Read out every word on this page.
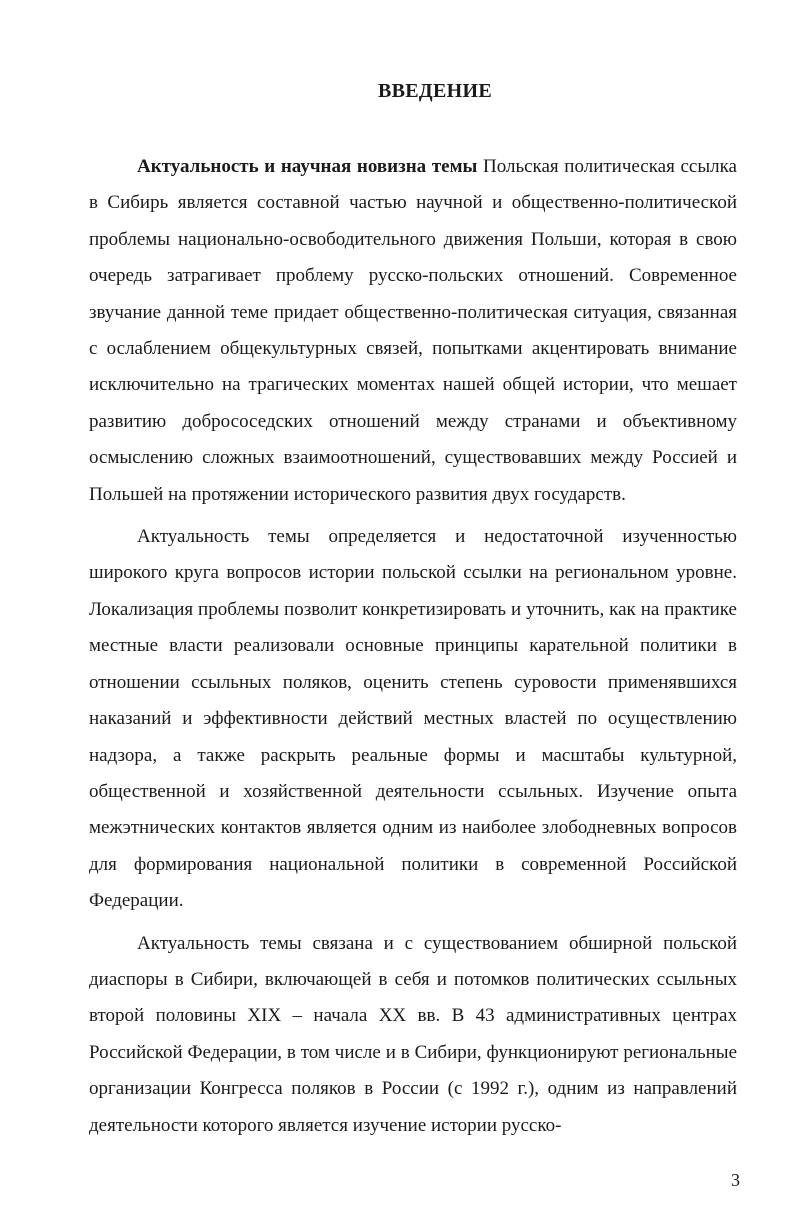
ВВЕДЕНИЕ

Актуальность и научная новизна темы Польская политическая ссылка в Сибирь является составной частью научной и общественно-политической проблемы национально-освободительного движения Польши, которая в свою очередь затрагивает проблему русско-польских отношений. Современное звучание данной теме придает общественно-политическая ситуация, связанная с ослаблением общекультурных связей, попытками акцентировать внимание исключительно на трагических моментах нашей общей истории, что мешает развитию добрососедских отношений между странами и объективному осмыслению сложных взаимоотношений, существовавших между Россией и Польшей на протяжении исторического развития двух государств.

Актуальность темы определяется и недостаточной изученностью широкого круга вопросов истории польской ссылки на региональном уровне. Локализация проблемы позволит конкретизировать и уточнить, как на практике местные власти реализовали основные принципы карательной политики в отношении ссыльных поляков, оценить степень суровости применявшихся наказаний и эффективности действий местных властей по осуществлению надзора, а также раскрыть реальные формы и масштабы культурной, общественной и хозяйственной деятельности ссыльных. Изучение опыта межэтнических контактов является одним из наиболее злободневных вопросов для формирования национальной политики в современной Российской Федерации.

Актуальность темы связана и с существованием обширной польской диаспоры в Сибири, включающей в себя и потомков политических ссыльных второй половины XIX – начала XX вв. В 43 административных центрах Российской Федерации, в том числе и в Сибири, функционируют региональные организации Конгресса поляков в России (с 1992 г.), одним из направлений деятельности которого является изучение истории русско-

3
